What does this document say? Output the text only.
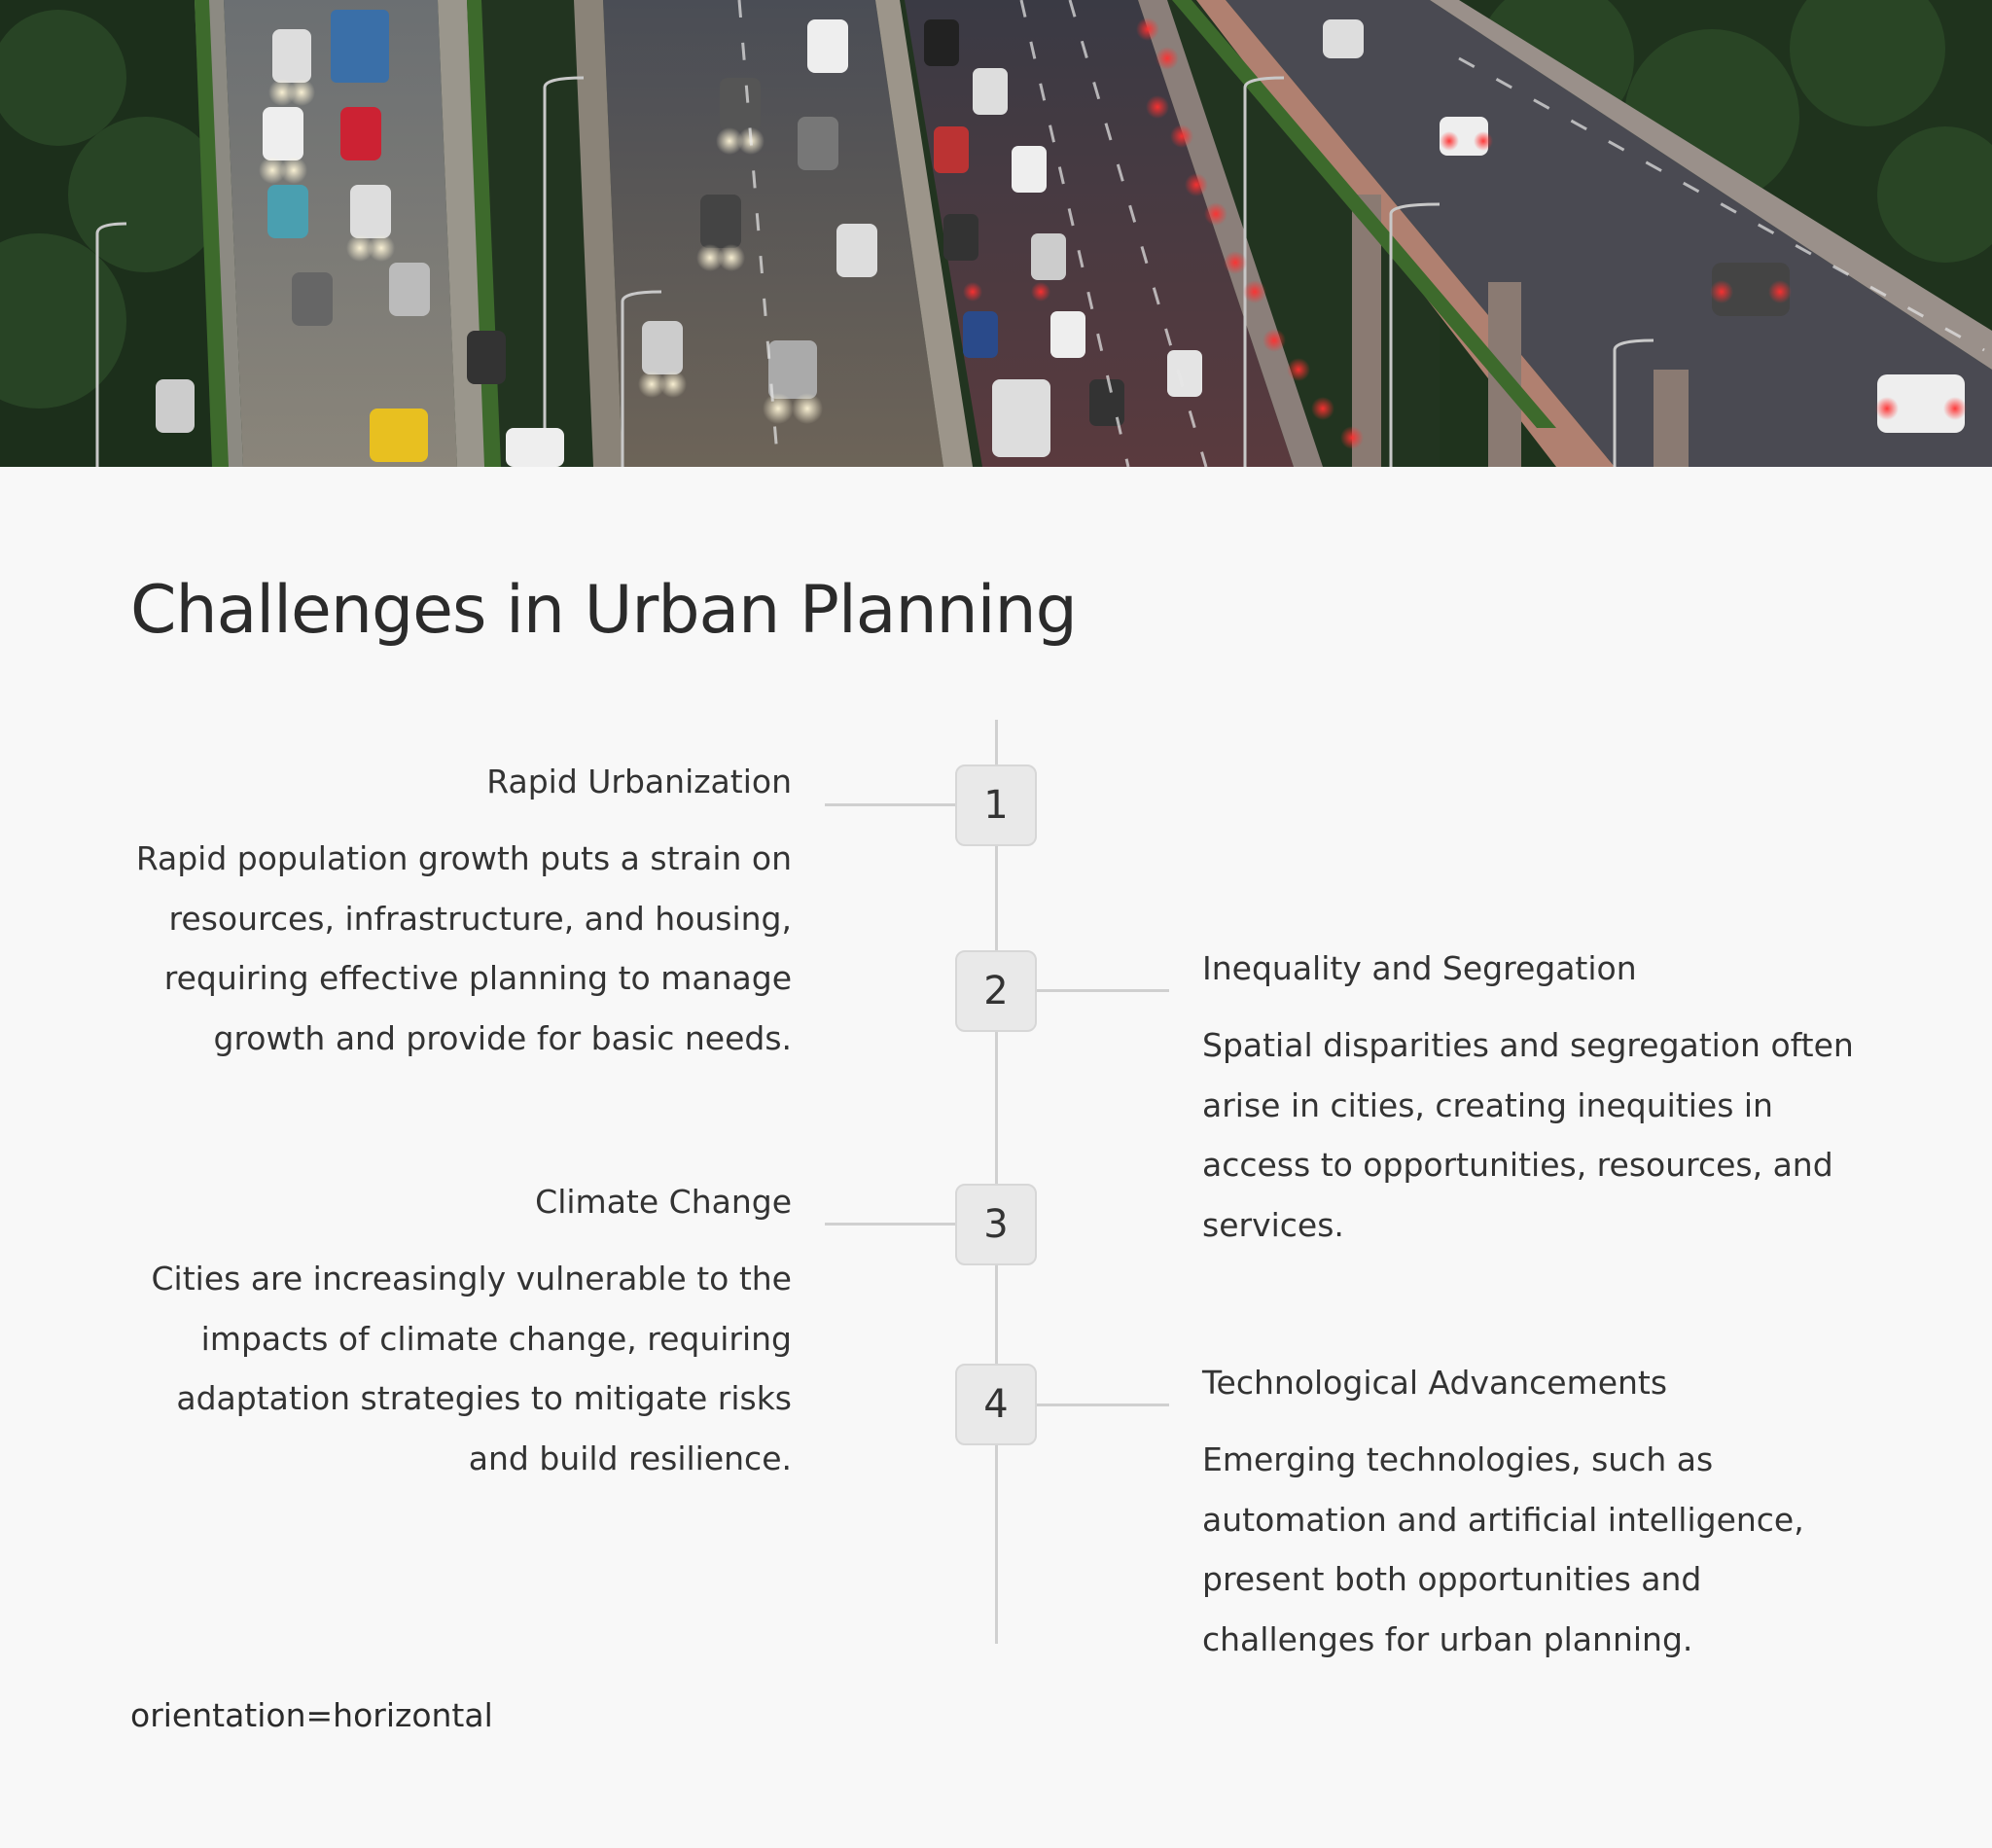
Challenges in Urban Planning
1
2
3
4

Rapid Urbanization

Rapid population growth puts a strain on resources, infrastructure, and housing, requiring effective planning to manage growth and provide for basic needs.

Inequality and Segregation

Spatial disparities and segregation often arise in cities, creating inequities in access to opportunities, resources, and services.

Climate Change

Cities are increasingly vulnerable to the impacts of climate change, requiring adaptation strategies to mitigate risks and build resilience.

Technological Advancements

Emerging technologies, such as automation and artificial intelligence, present both opportunities and challenges for urban planning.

orientation=horizontal
